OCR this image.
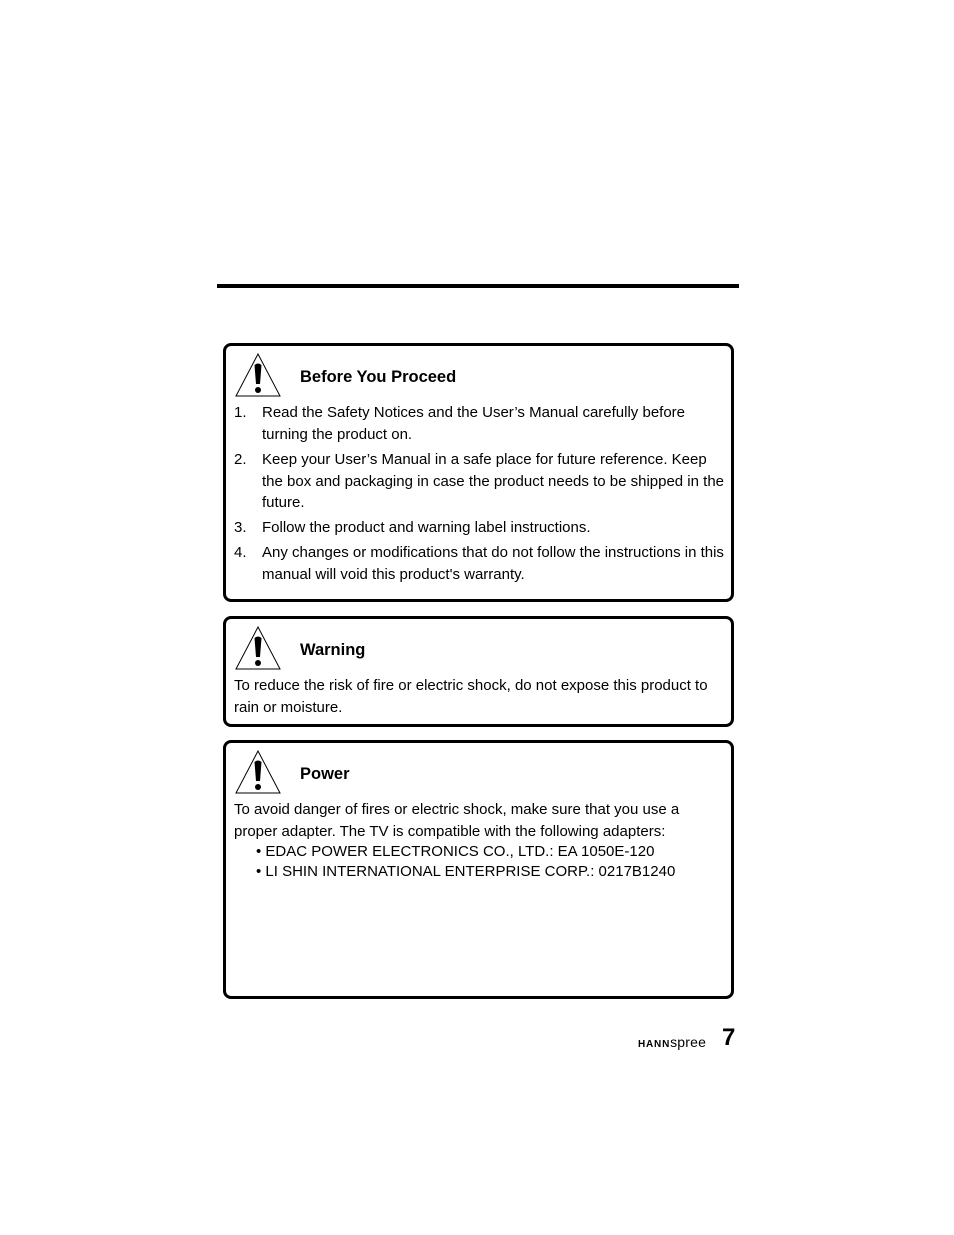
Before You Proceed
1. Read the Safety Notices and the User’s Manual carefully before turning the product on.
2. Keep your User’s Manual in a safe place for future reference. Keep the box and packaging in case the product needs to be shipped in the future.
3. Follow the product and warning label instructions.
4. Any changes or modifications that do not follow the instructions in this manual will void this product's warranty.
Warning
To reduce the risk of fire or electric shock, do not expose this product to rain or moisture.
Power
To avoid danger of fires or electric shock, make sure that you use a proper adapter. The TV is compatible with the following adapters:
• EDAC POWER ELECTRONICS CO., LTD.: EA 1050E-120
• LI SHIN INTERNATIONAL ENTERPRISE CORP.: 0217B1240
HANNspree 7
